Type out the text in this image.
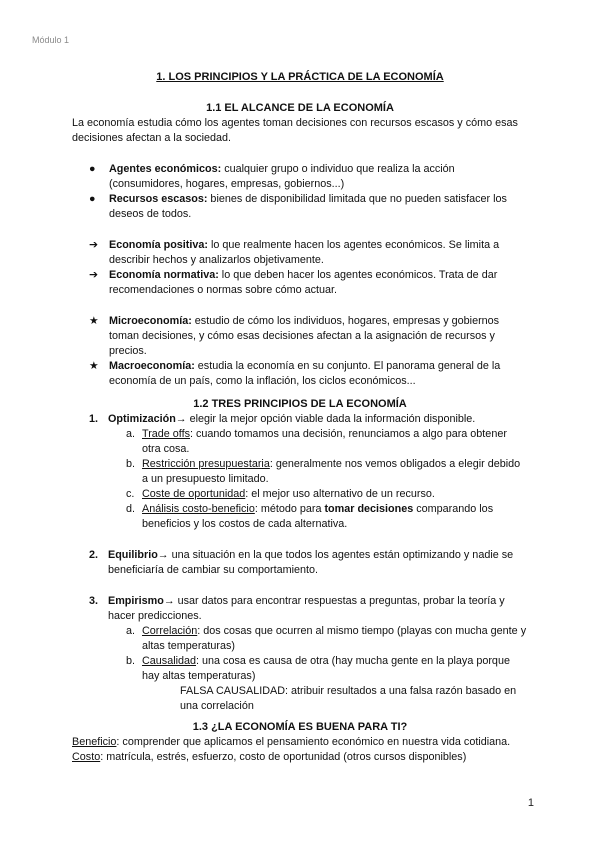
Módulo 1
1. LOS PRINCIPIOS Y LA PRÁCTICA DE LA ECONOMÍA
1.1 EL ALCANCE DE LA ECONOMÍA

La economía estudia cómo los agentes toman decisiones con recursos escasos y cómo esas decisiones afectan a la sociedad.

●	Agentes económicos: cualquier grupo o individuo que realiza la acción (consumidores, hogares, empresas, gobiernos...)
●	Recursos escasos: bienes de disponibilidad limitada que no pueden satisfacer los deseos de todos.
➔	Economía positiva: lo que realmente hacen los agentes económicos. Se limita a describir hechos y analizarlos objetivamente.
➔	Economía normativa: lo que deben hacer los agentes económicos. Trata de dar recomendaciones o normas sobre cómo actuar.
★ Microeconomía: estudio de cómo los individuos, hogares, empresas y gobiernos toman decisiones, y cómo esas decisiones afectan a la asignación de recursos y precios.
★ Macroeconomía: estudia la economía en su conjunto. El panorama general de la economía de un país, como la inflación, los ciclos económicos...
1.2 TRES PRINCIPIOS DE LA ECONOMÍA
1. Optimización→ elegir la mejor opción viable dada la información disponible.
a. Trade offs: cuando tomamos una decisión, renunciamos a algo para obtener otra cosa.
b. Restricción presupuestaria: generalmente nos vemos obligados a elegir debido a un presupuesto limitado.
c. Coste de oportunidad: el mejor uso alternativo de un recurso.
d. Análisis costo-beneficio: método para tomar decisiones comparando los beneficios y los costos de cada alternativa.
2. Equilibrio→ una situación en la que todos los agentes están optimizando y nadie se beneficiaría de cambiar su comportamiento.
3. Empirismo→ usar datos para encontrar respuestas a preguntas, probar la teoría y hacer predicciones.
a. Correlación: dos cosas que ocurren al mismo tiempo (playas con mucha gente y altas temperaturas)
b. Causalidad: una cosa es causa de otra (hay mucha gente en la playa porque hay altas temperaturas)
FALSA CAUSALIDAD: atribuir resultados a una falsa razón basado en una correlación
1.3 ¿LA ECONOMÍA ES BUENA PARA TI?

Beneficio: comprender que aplicamos el pensamiento económico en nuestra vida cotidiana.

Costo: matrícula, estrés, esfuerzo, costo de oportunidad (otros cursos disponibles)

1
